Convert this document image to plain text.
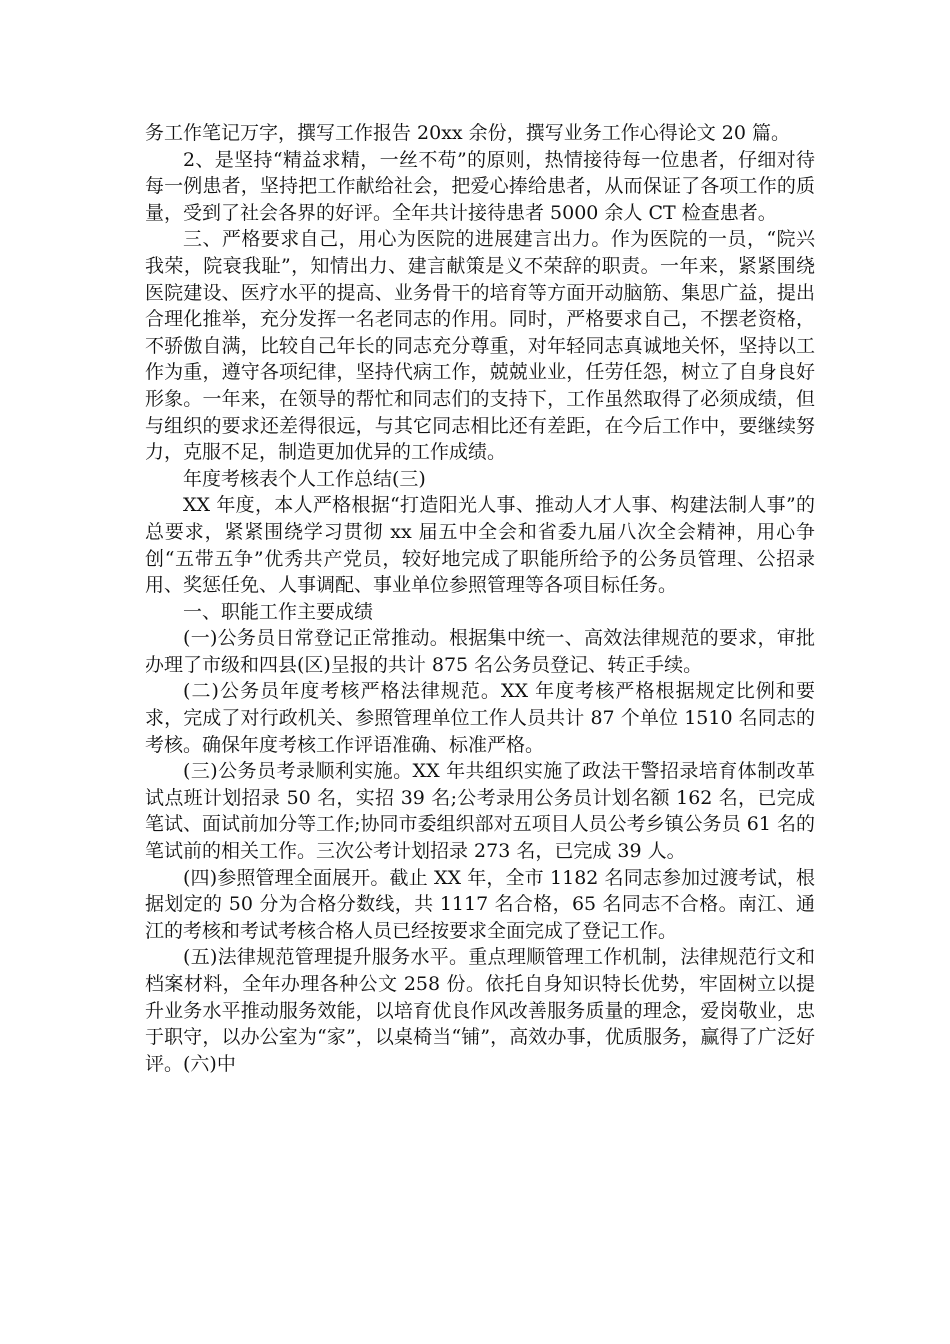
务工作笔记万字，撰写工作报告 20xx 余份，撰写业务工作心得论文 20 篇。

2、是坚持“精益求精，一丝不苟”的原则，热情接待每一位患者，仔细对待每一例患者，坚持把工作献给社会，把爱心捧给患者，从而保证了各项工作的质量，受到了社会各界的好评。全年共计接待患者 5000 余人 CT 检查患者。

三、严格要求自己，用心为医院的进展建言出力。作为医院的一员，“院兴我荣，院衰我耻”，知情出力、建言献策是义不荣辞的职责。一年来，紧紧围绕医院建设、医疗水平的提高、业务骨干的培育等方面开动脑筋、集思广益，提出合理化推举，充分发挥一名老同志的作用。同时，严格要求自己，不摆老资格，不骄傲自满，比较自己年长的同志充分尊重，对年轻同志真诚地关怀，坚持以工作为重，遵守各项纪律，坚持代病工作，兢兢业业，任劳任怨，树立了自身良好形象。一年来，在领导的帮忙和同志们的支持下，工作虽然取得了必须成绩，但与组织的要求还差得很远，与其它同志相比还有差距，在今后工作中，要继续努力，克服不足，制造更加优异的工作成绩。

年度考核表个人工作总结(三)

XX 年度，本人严格根据“打造阳光人事、推动人才人事、构建法制人事”的总要求，紧紧围绕学习贯彻 xx 届五中全会和省委九届八次全会精神，用心争创“五带五争”优秀共产党员，较好地完成了职能所给予的公务员管理、公招录用、奖惩任免、人事调配、事业单位参照管理等各项目标任务。

一、职能工作主要成绩

(一)公务员日常登记正常推动。根据集中统一、高效法律规范的要求，审批办理了市级和四县(区)呈报的共计 875 名公务员登记、转正手续。

(二)公务员年度考核严格法律规范。XX 年度考核严格根据规定比例和要求，完成了对行政机关、参照管理单位工作人员共计 87 个单位 1510 名同志的考核。确保年度考核工作评语准确、标准严格。

(三)公务员考录顺利实施。XX 年共组织实施了政法干警招录培育体制改革试点班计划招录 50 名，实招 39 名;公考录用公务员计划名额 162 名，已完成笔试、面试前加分等工作;协同市委组织部对五项目人员公考乡镇公务员 61 名的笔试前的相关工作。三次公考计划招录 273 名，已完成 39 人。

(四)参照管理全面展开。截止 XX 年，全市 1182 名同志参加过渡考试，根据划定的 50 分为合格分数线，共 1117 名合格，65 名同志不合格。南江、通江的考核和考试考核合格人员已经按要求全面完成了登记工作。

(五)法律规范管理提升服务水平。重点理顺管理工作机制，法律规范行文和档案材料，全年办理各种公文 258 份。依托自身知识特长优势，牢固树立以提升业务水平推动服务效能，以培育优良作风改善服务质量的理念，爱岗敬业，忠于职守，以办公室为“家”，以桌椅当“铺”，高效办事，优质服务，赢得了广泛好评。(六)中
